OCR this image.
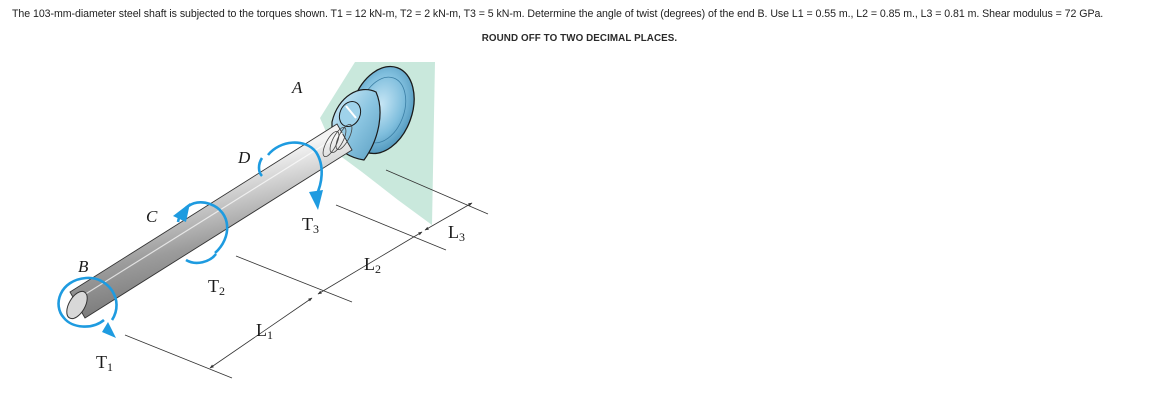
The 103-mm-diameter steel shaft is subjected to the torques shown. T1 = 12 kN-m, T2 = 2 kN-m, T3 = 5 kN-m. Determine the angle of twist (degrees) of the end B. Use L1 = 0.55 m., L2 = 0.85 m., L3 = 0.81 m. Shear modulus = 72 GPa.
ROUND OFF TO TWO DECIMAL PLACES.
A
B
C
D
T1
T2
T3
L1
L2
L3
